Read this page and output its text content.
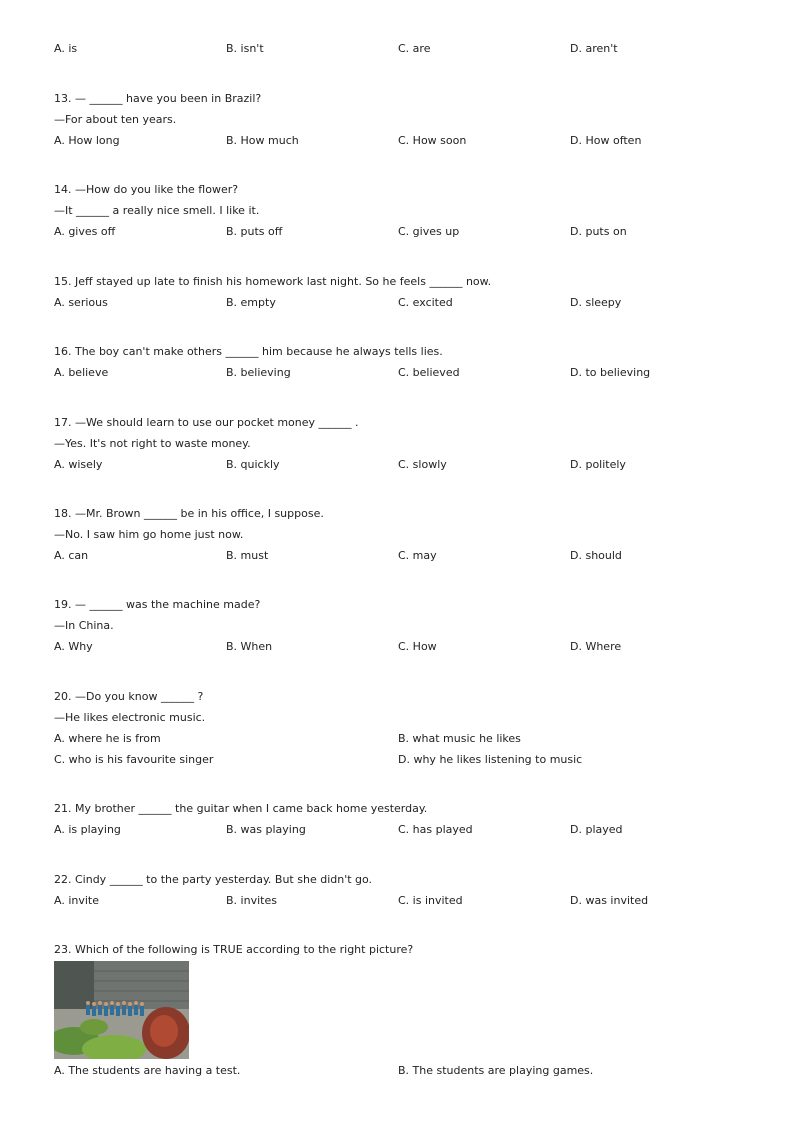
A. is	B. isn't	C. are	D. aren't
13. — ______ have you been in Brazil?
—For about ten years.
A. How long	B. How much	C. How soon	D. How often
14. —How do you like the flower?
—It ______ a really nice smell. I like it.
A. gives off	B. puts off	C. gives up	D. puts on
15. Jeff stayed up late to finish his homework last night. So he feels ______ now.
A. serious	B. empty	C. excited	D. sleepy
16. The boy can't make others ______ him because he always tells lies.
A. believe	B. believing	C. believed	D. to believing
17. —We should learn to use our pocket money ______ .
—Yes. It's not right to waste money.
A. wisely	B. quickly	C. slowly	D. politely
18. —Mr. Brown ______ be in his office, I suppose.
—No. I saw him go home just now.
A. can	B. must	C. may	D. should
19. — ______ was the machine made?
—In China.
A. Why	B. When	C. How	D. Where
20. —Do you know ______ ?
—He likes electronic music.
A. where he is from	B. what music he likes
C. who is his favourite singer	D. why he likes listening to music
21. My brother ______ the guitar when I came back home yesterday.
A. is playing	B. was playing	C. has played	D. played
22. Cindy ______ to the party yesterday. But she didn't go.
A. invite	B. invites	C. is invited	D. was invited
23. Which of the following is TRUE according to the right picture?
A. The students are having a test.	B. The students are playing games.
